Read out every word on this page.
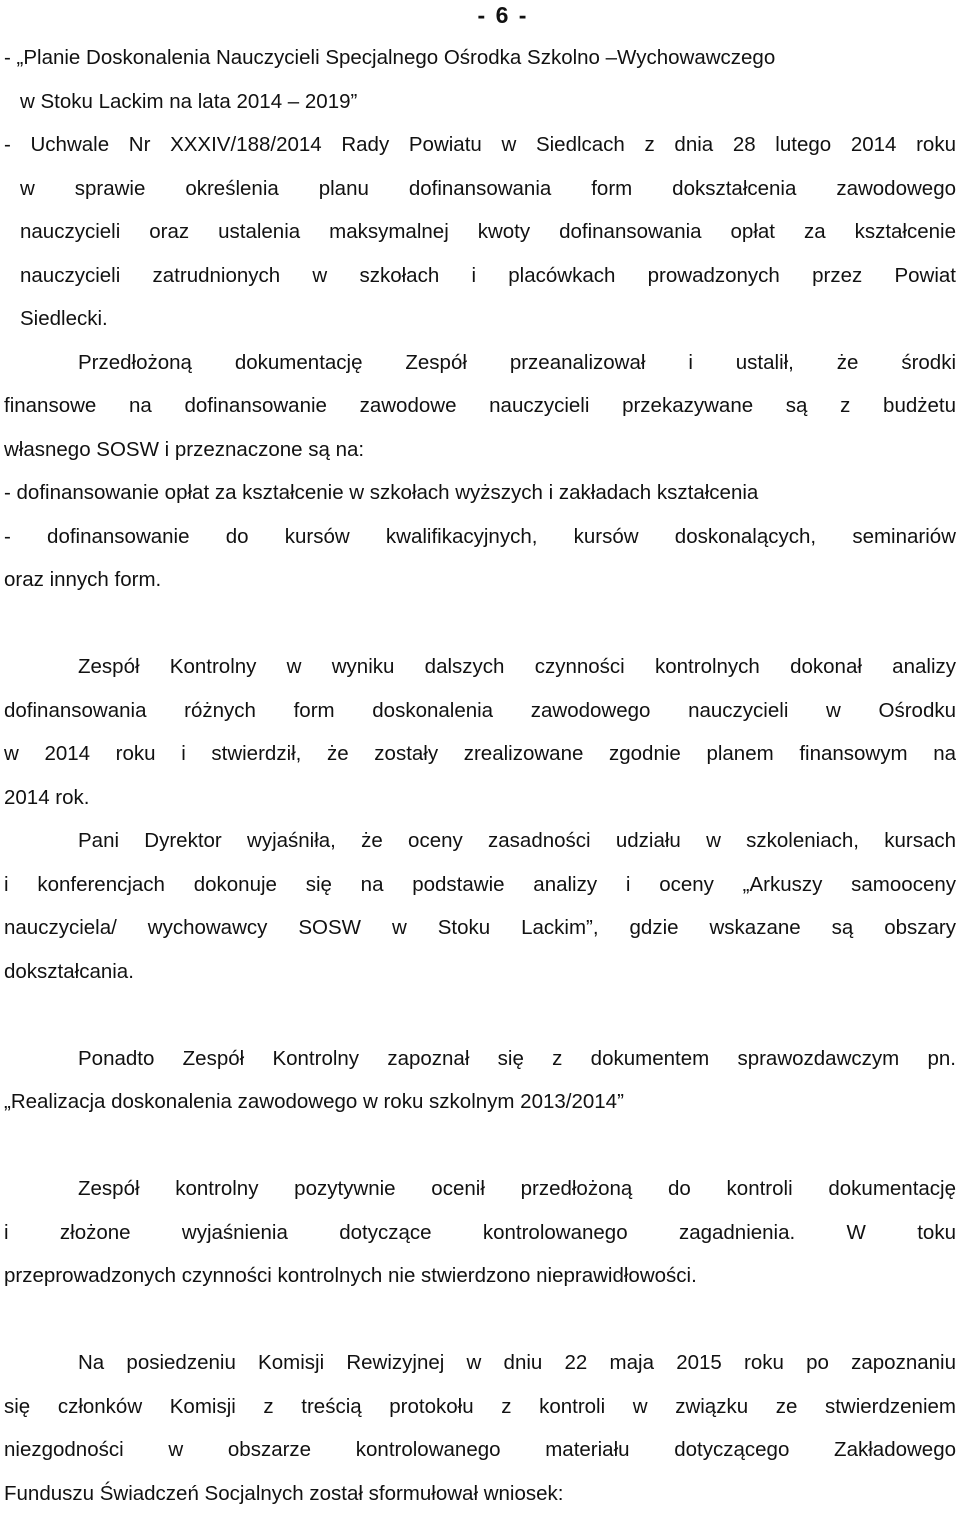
- 6 -
- „Planie Doskonalenia Nauczycieli Specjalnego Ośrodka Szkolno –Wychowawczego
w Stoku Lackim na lata 2014 – 2019”
- Uchwale Nr XXXIV/188/2014 Rady Powiatu w Siedlcach z dnia 28 lutego 2014 roku
w sprawie określenia planu dofinansowania form dokształcenia zawodowego
nauczycieli oraz ustalenia maksymalnej kwoty dofinansowania opłat za kształcenie
nauczycieli zatrudnionych w szkołach i placówkach prowadzonych przez Powiat
Siedlecki.
Przedłożoną dokumentację Zespół przeanalizował i ustalił, że środki
finansowe na dofinansowanie zawodowe nauczycieli przekazywane są z budżetu
własnego SOSW i przeznaczone są na:
- dofinansowanie opłat za kształcenie w szkołach wyższych i zakładach kształcenia
- dofinansowanie do kursów kwalifikacyjnych, kursów doskonalących, seminariów
oraz innych form.
Zespół Kontrolny w wyniku dalszych czynności kontrolnych dokonał analizy
dofinansowania różnych form doskonalenia zawodowego nauczycieli w Ośrodku
w 2014 roku i stwierdził, że zostały zrealizowane zgodnie planem finansowym na
2014 rok.
Pani Dyrektor wyjaśniła, że oceny zasadności udziału w szkoleniach, kursach
i konferencjach dokonuje się na podstawie analizy i oceny „Arkuszy samooceny
nauczyciela/ wychowawcy SOSW w Stoku Lackim”, gdzie wskazane są obszary
dokształcania.
Ponadto Zespół Kontrolny zapoznał się z dokumentem sprawozdawczym pn.
„Realizacja doskonalenia zawodowego w roku szkolnym 2013/2014”
Zespół kontrolny pozytywnie ocenił przedłożoną do kontroli dokumentację
i złożone wyjaśnienia dotyczące kontrolowanego zagadnienia. W toku
przeprowadzonych czynności kontrolnych nie stwierdzono nieprawidłowości.
Na posiedzeniu Komisji Rewizyjnej w dniu 22 maja 2015 roku po zapoznaniu
się członków Komisji z treścią protokołu z kontroli w związku ze stwierdzeniem
niezgodności w obszarze kontrolowanego materiału dotyczącego Zakładowego
Funduszu Świadczeń Socjalnych został sformułował wniosek:
